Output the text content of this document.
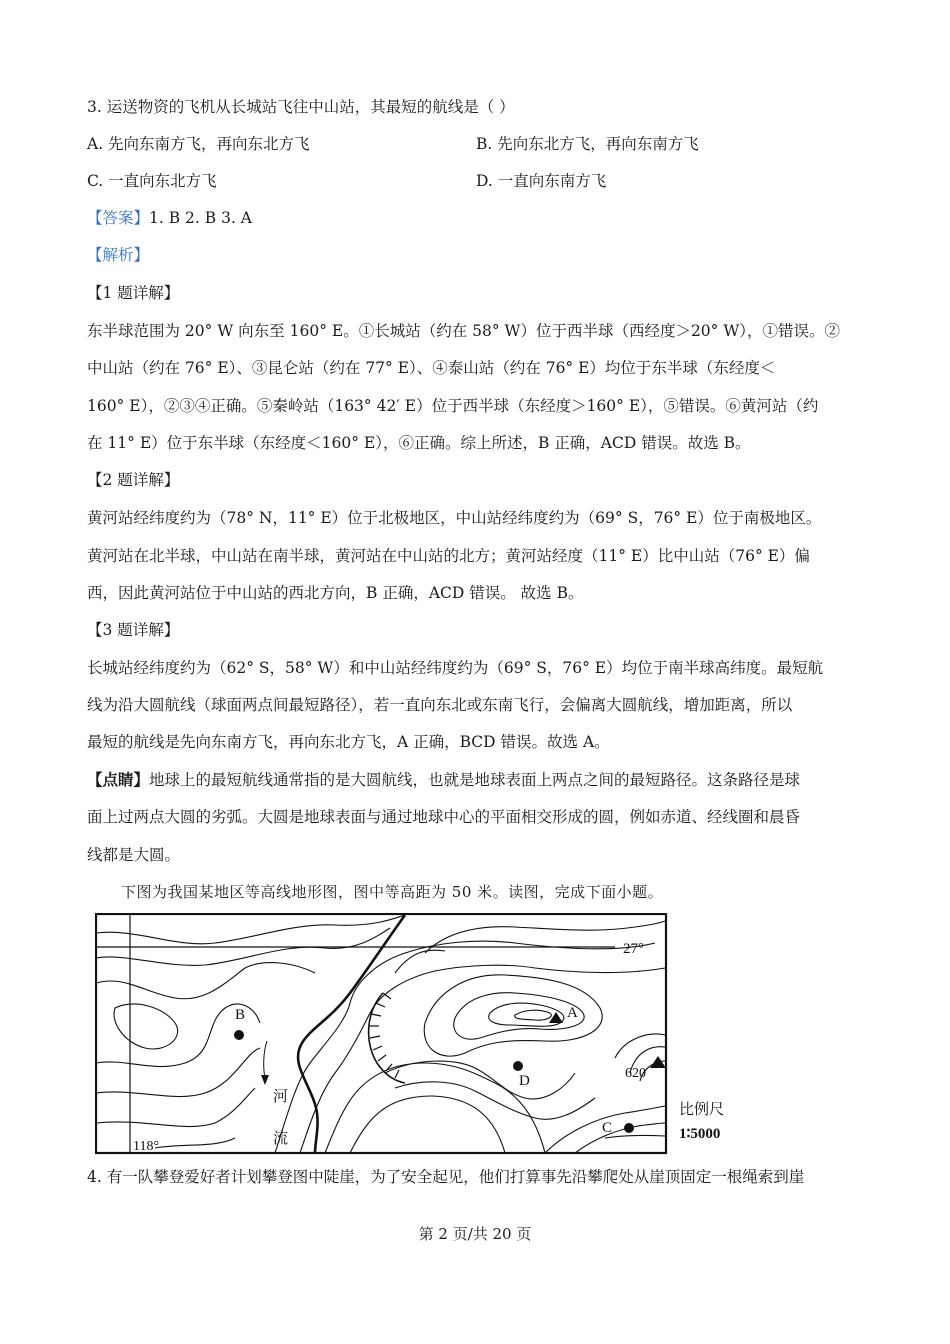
3. 运送物资的飞机从长城站飞往中山站，其最短的航线是（ ）
A. 先向东南方飞，再向东北方飞	B. 先向东北方飞，再向东南方飞
C. 一直向东北方飞	D. 一直向东南方飞
【答案】1. B 2. B 3. A
【解析】
【1 题详解】
东半球范围为 20° W 向东至 160° E。①长城站（约在 58° W）位于西半球（西经度＞20° W），①错误。②
中山站（约在 76° E）、③昆仑站（约在 77° E）、④泰山站（约在 76° E）均位于东半球（东经度＜
160° E），②③④正确。⑤秦岭站（163° 42′ E）位于西半球（东经度＞160° E），⑤错误。⑥黄河站（约
在 11° E）位于东半球（东经度＜160° E），⑥正确。综上所述，B 正确，ACD 错误。故选 B。
【2 题详解】
黄河站经纬度约为（78° N，11° E）位于北极地区，中山站经纬度约为（69° S，76° E）位于南极地区。
黄河站在北半球，中山站在南半球，黄河站在中山站的北方；黄河站经度（11° E）比中山站（76° E）偏
西，因此黄河站位于中山站的西北方向，B 正确，ACD 错误。 故选 B。
【3 题详解】
长城站经纬度约为（62° S，58° W）和中山站经纬度约为（69° S，76° E）均位于南半球高纬度。最短航
线为沿大圆航线（球面两点间最短路径），若一直向东北或东南飞行，会偏离大圆航线，增加距离，所以
最短的航线是先向东南方飞，再向东北方飞，A 正确，BCD 错误。故选 A。
【点睛】地球上的最短航线通常指的是大圆航线，也就是地球表面上两点之间的最短路径。这条路径是球
面上过两点大圆的劣弧。大圆是地球表面与通过地球中心的平面相交形成的圆，例如赤道、经线圈和晨昏
线都是大圆。
下图为我国某地区等高线地形图，图中等高距为 50 米。读图，完成下面小题。
27°
118°
A
B
C
D	620
河
流
比例尺
1∶5000
4. 有一队攀登爱好者计划攀登图中陡崖，为了安全起见，他们打算事先沿攀爬处从崖顶固定一根绳索到崖
第 2 页/共 20 页
